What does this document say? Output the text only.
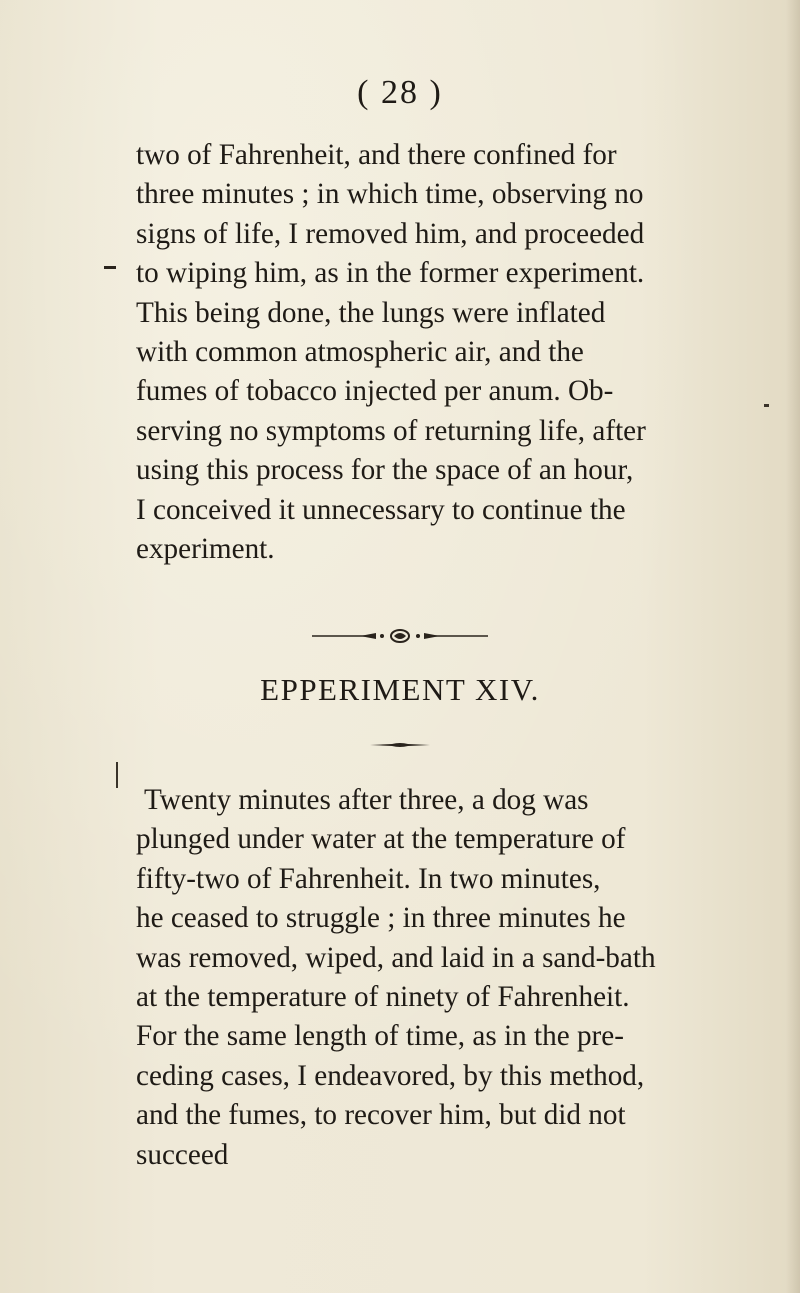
( 28 )

two of Fahrenheit, and there confined for

three minutes ; in which time, observing no

signs of life, I removed him, and proceeded

to wiping him, as in the former experiment.

This being done, the lungs were inflated

with common atmospheric air, and the

fumes of tobacco injected per anum. Ob-

serving no symptoms of returning life, after

using this process for the space of an hour,

I conceived it unnecessary to continue the

experiment.

EPPERIMENT XIV.

Twenty minutes after three, a dog was

plunged under water at the temperature of

fifty-two of Fahrenheit. In two minutes,

he ceased to struggle ; in three minutes he

was removed, wiped, and laid in a sand-bath

at the temperature of ninety of Fahrenheit.

For the same length of time, as in the pre-

ceding cases, I endeavored, by this method,

and the fumes, to recover him, but did not

succeed
